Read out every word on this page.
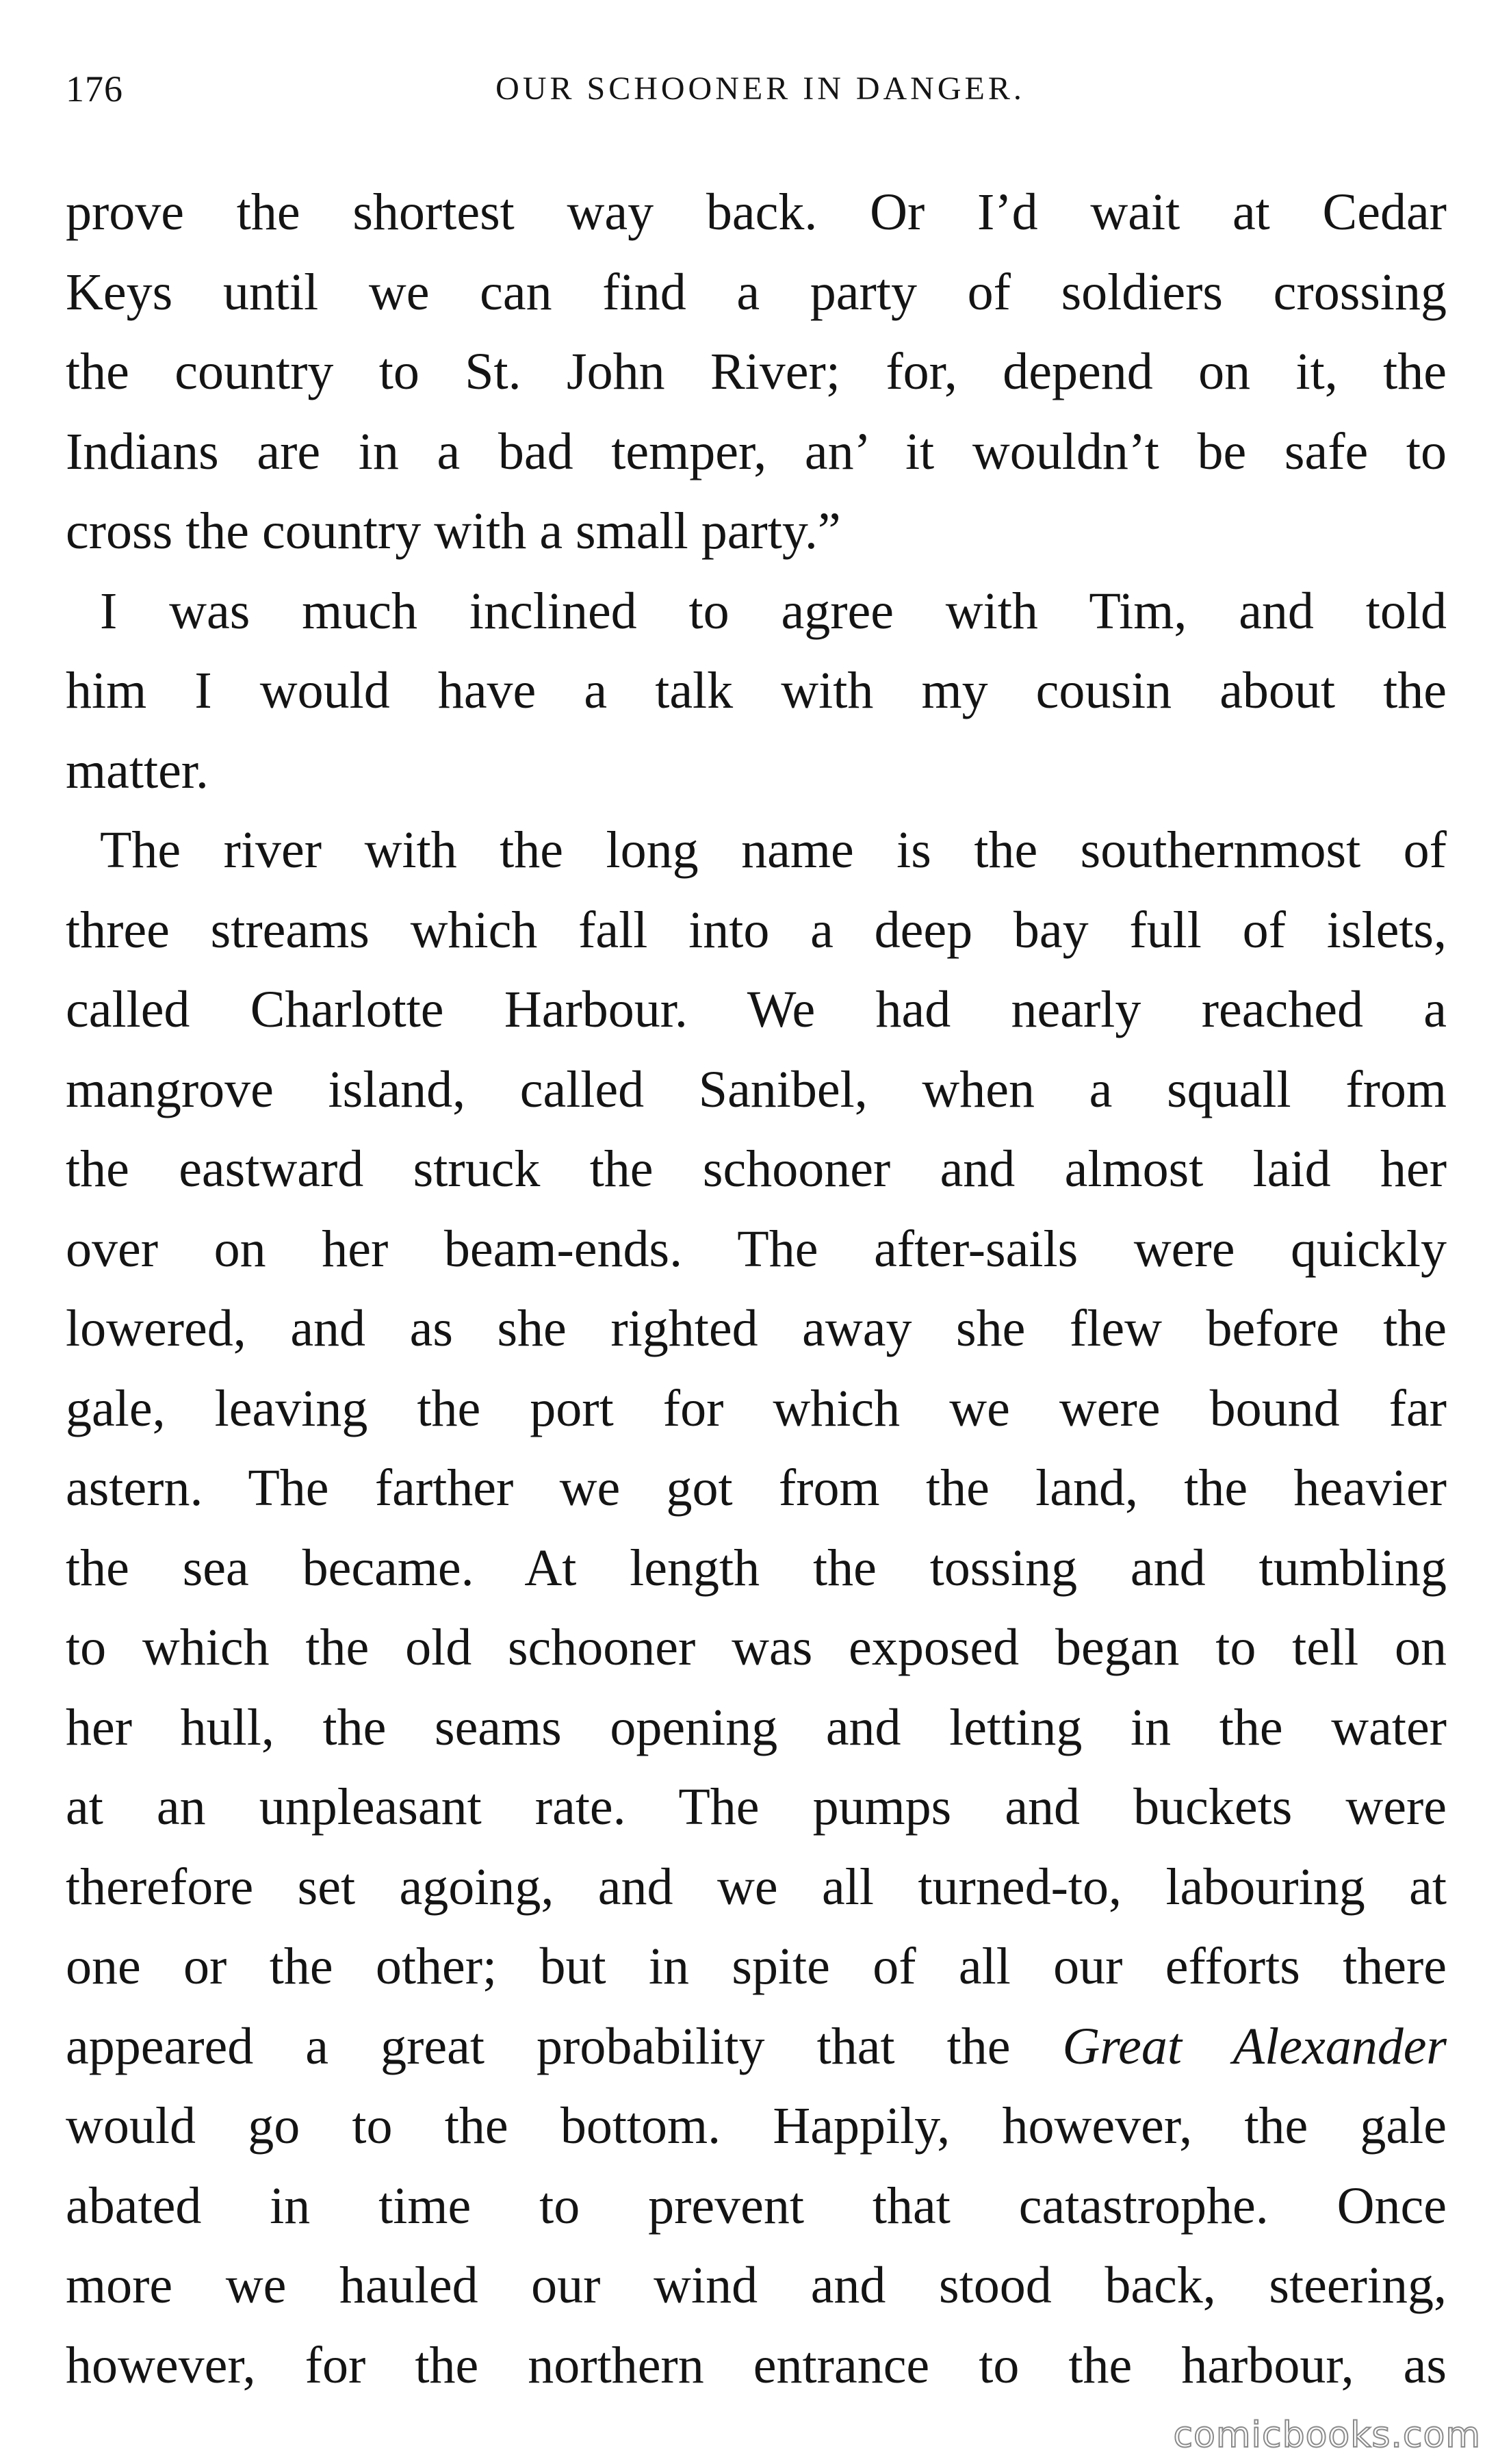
176	OUR SCHOONER IN DANGER.
prove the shortest way back. Or I’d wait at Cedar
Keys until we can find a party of soldiers crossing
the country to St. John River; for, depend on it, the
Indians are in a bad temper, an’ it wouldn’t be safe to
cross the country with a small party.”
I was much inclined to agree with Tim, and told
him I would have a talk with my cousin about the
matter.
The river with the long name is the southernmost of
three streams which fall into a deep bay full of islets,
called Charlotte Harbour. We had nearly reached a
mangrove island, called Sanibel, when a squall from
the eastward struck the schooner and almost laid her
over on her beam-ends. The after-sails were quickly
lowered, and as she righted away she flew before the
gale, leaving the port for which we were bound far
astern. The farther we got from the land, the heavier
the sea became. At length the tossing and tumbling
to which the old schooner was exposed began to tell on
her hull, the seams opening and letting in the water
at an unpleasant rate. The pumps and buckets were
therefore set agoing, and we all turned-to, labouring at
one or the other; but in spite of all our efforts there
appeared a great probability that the Great Alexander
would go to the bottom. Happily, however, the gale
abated in time to prevent that catastrophe. Once
more we hauled our wind and stood back, steering,
however, for the northern entrance to the harbour, as
comicbooks.com
